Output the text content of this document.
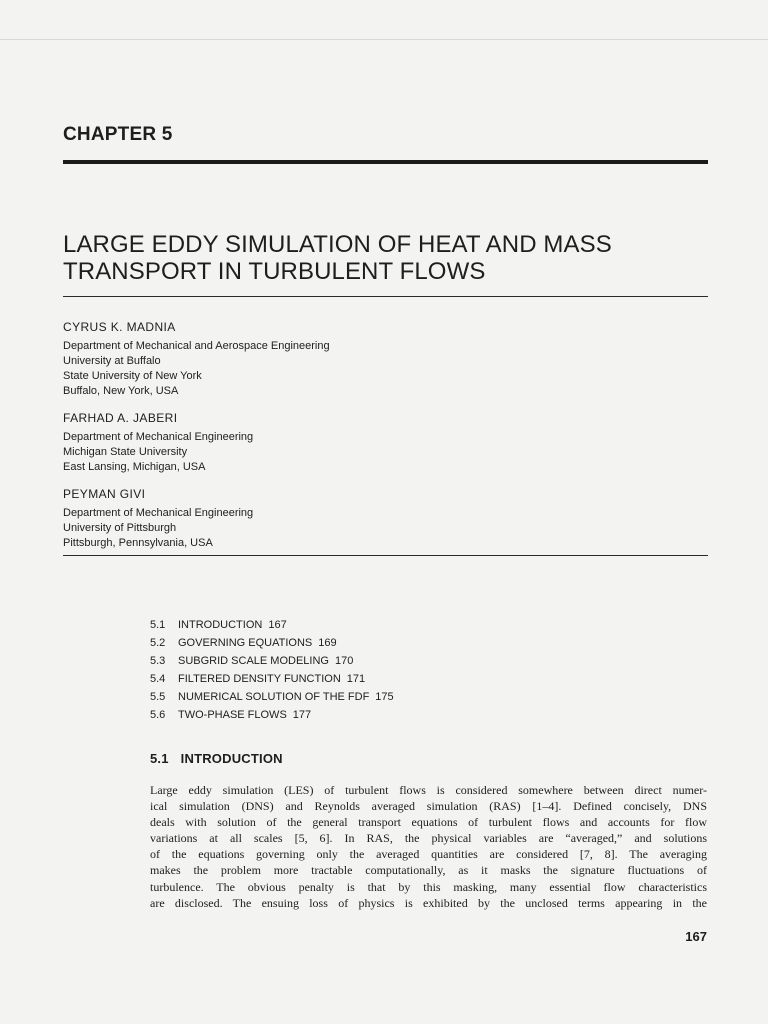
CHAPTER 5
LARGE EDDY SIMULATION OF HEAT AND MASS
TRANSPORT IN TURBULENT FLOWS
CYRUS K. MADNIA
Department of Mechanical and Aerospace Engineering
University at Buffalo
State University of New York
Buffalo, New York, USA
FARHAD A. JABERI
Department of Mechanical Engineering
Michigan State University
East Lansing, Michigan, USA
PEYMAN GIVI
Department of Mechanical Engineering
University of Pittsburgh
Pittsburgh, Pennsylvania, USA
5.1 INTRODUCTION 167
5.2 GOVERNING EQUATIONS 169
5.3 SUBGRID SCALE MODELING 170
5.4 FILTERED DENSITY FUNCTION 171
5.5 NUMERICAL SOLUTION OF THE FDF 175
5.6 TWO-PHASE FLOWS 177
5.1 INTRODUCTION
Large eddy simulation (LES) of turbulent flows is considered somewhere between direct numer-
ical simulation (DNS) and Reynolds averaged simulation (RAS) [1–4]. Defined concisely, DNS
deals with solution of the general transport equations of turbulent flows and accounts for flow
variations at all scales [5, 6]. In RAS, the physical variables are “averaged,” and solutions
of the equations governing only the averaged quantities are considered [7, 8]. The averaging
makes the problem more tractable computationally, as it masks the signature fluctuations of
turbulence. The obvious penalty is that by this masking, many essential flow characteristics
are disclosed. The ensuing loss of physics is exhibited by the unclosed terms appearing in the
167
